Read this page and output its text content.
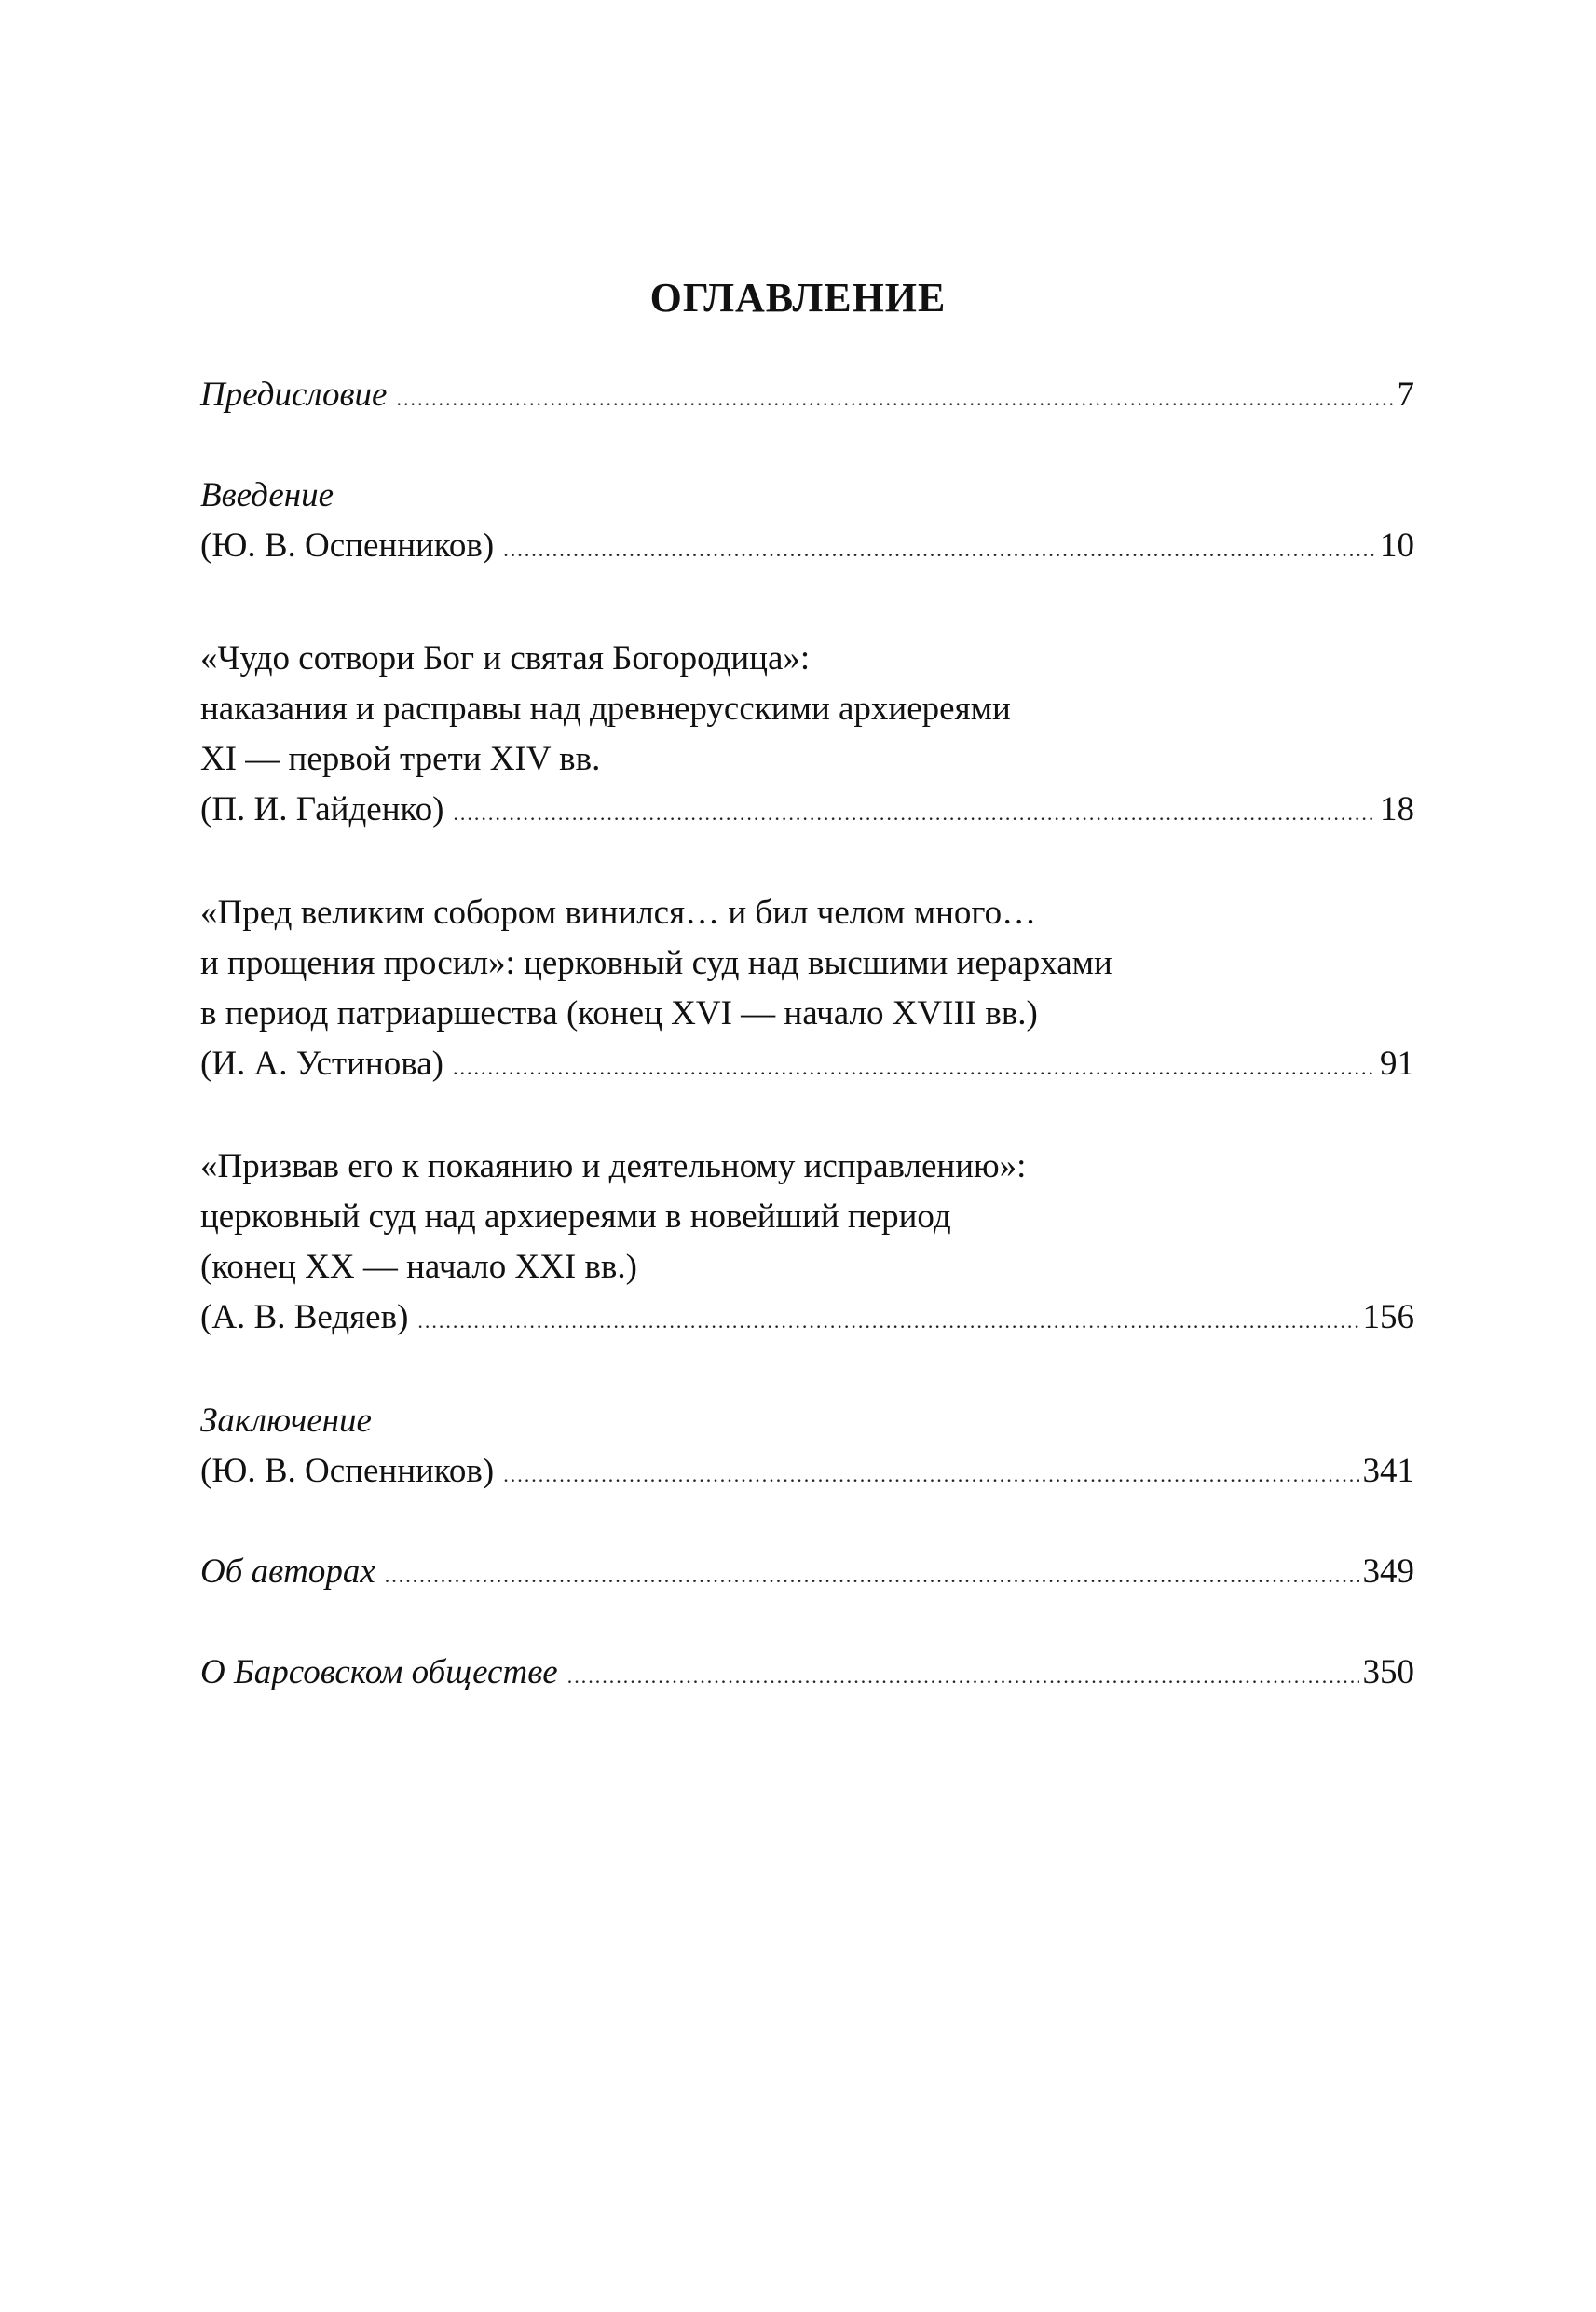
ОГЛАВЛЕНИЕ
Предисловие .....	7
Введение
(Ю. В. Оспенников) .....	10
«Чудо сотвори Бог и святая Богородица»:
наказания и расправы над древнерусскими архиереями
XI — первой трети XIV вв.
(П. И. Гайденко) .....	18
«Пред великим собором винился… и бил челом много…
и прощения просил»: церковный суд над высшими иерархами
в период патриаршества (конец XVI — начало XVIII вв.)
(И. А. Устинова) .....	91
«Призвав его к покаянию и деятельному исправлению»:
церковный суд над архиереями в новейший период
(конец XX — начало XXI вв.)
(А. В. Ведяев) .....	156
Заключение
(Ю. В. Оспенников) .....	341
Об авторах .....	349
О Барсовском обществе .....	350
